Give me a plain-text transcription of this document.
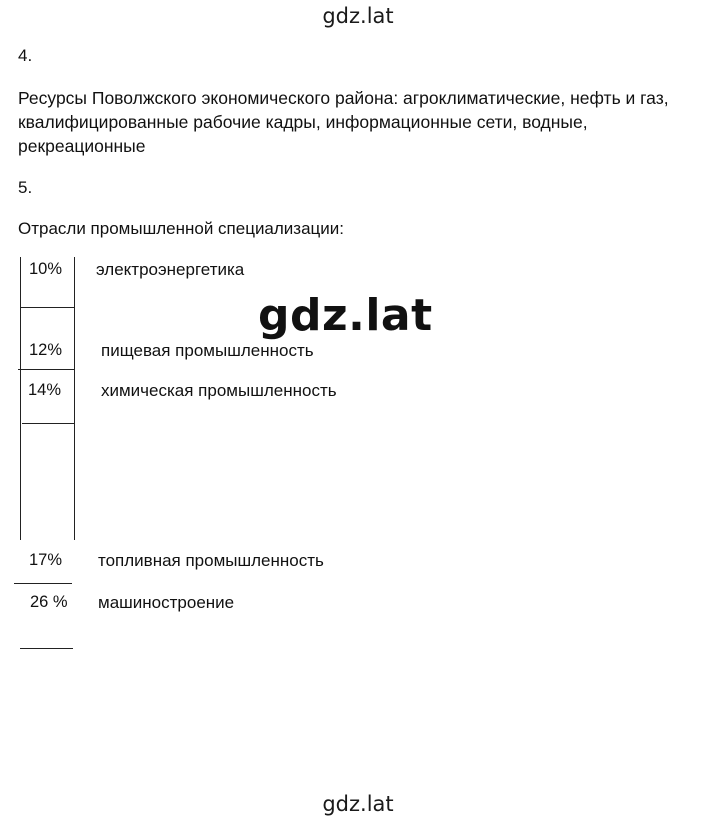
gdz.lat
gdz.lat
gdz.lat
4.
Ресурсы Поволжского экономического района: агроклиматические, нефть и газ, квалифицированные рабочие кадры, информационные сети, водные, рекреационные
5.
Отрасли промышленной специализации:
10% электроэнергетика
12% пищевая промышленность
14% химическая промышленность
17% топливная промышленность
26 % машиностроение
